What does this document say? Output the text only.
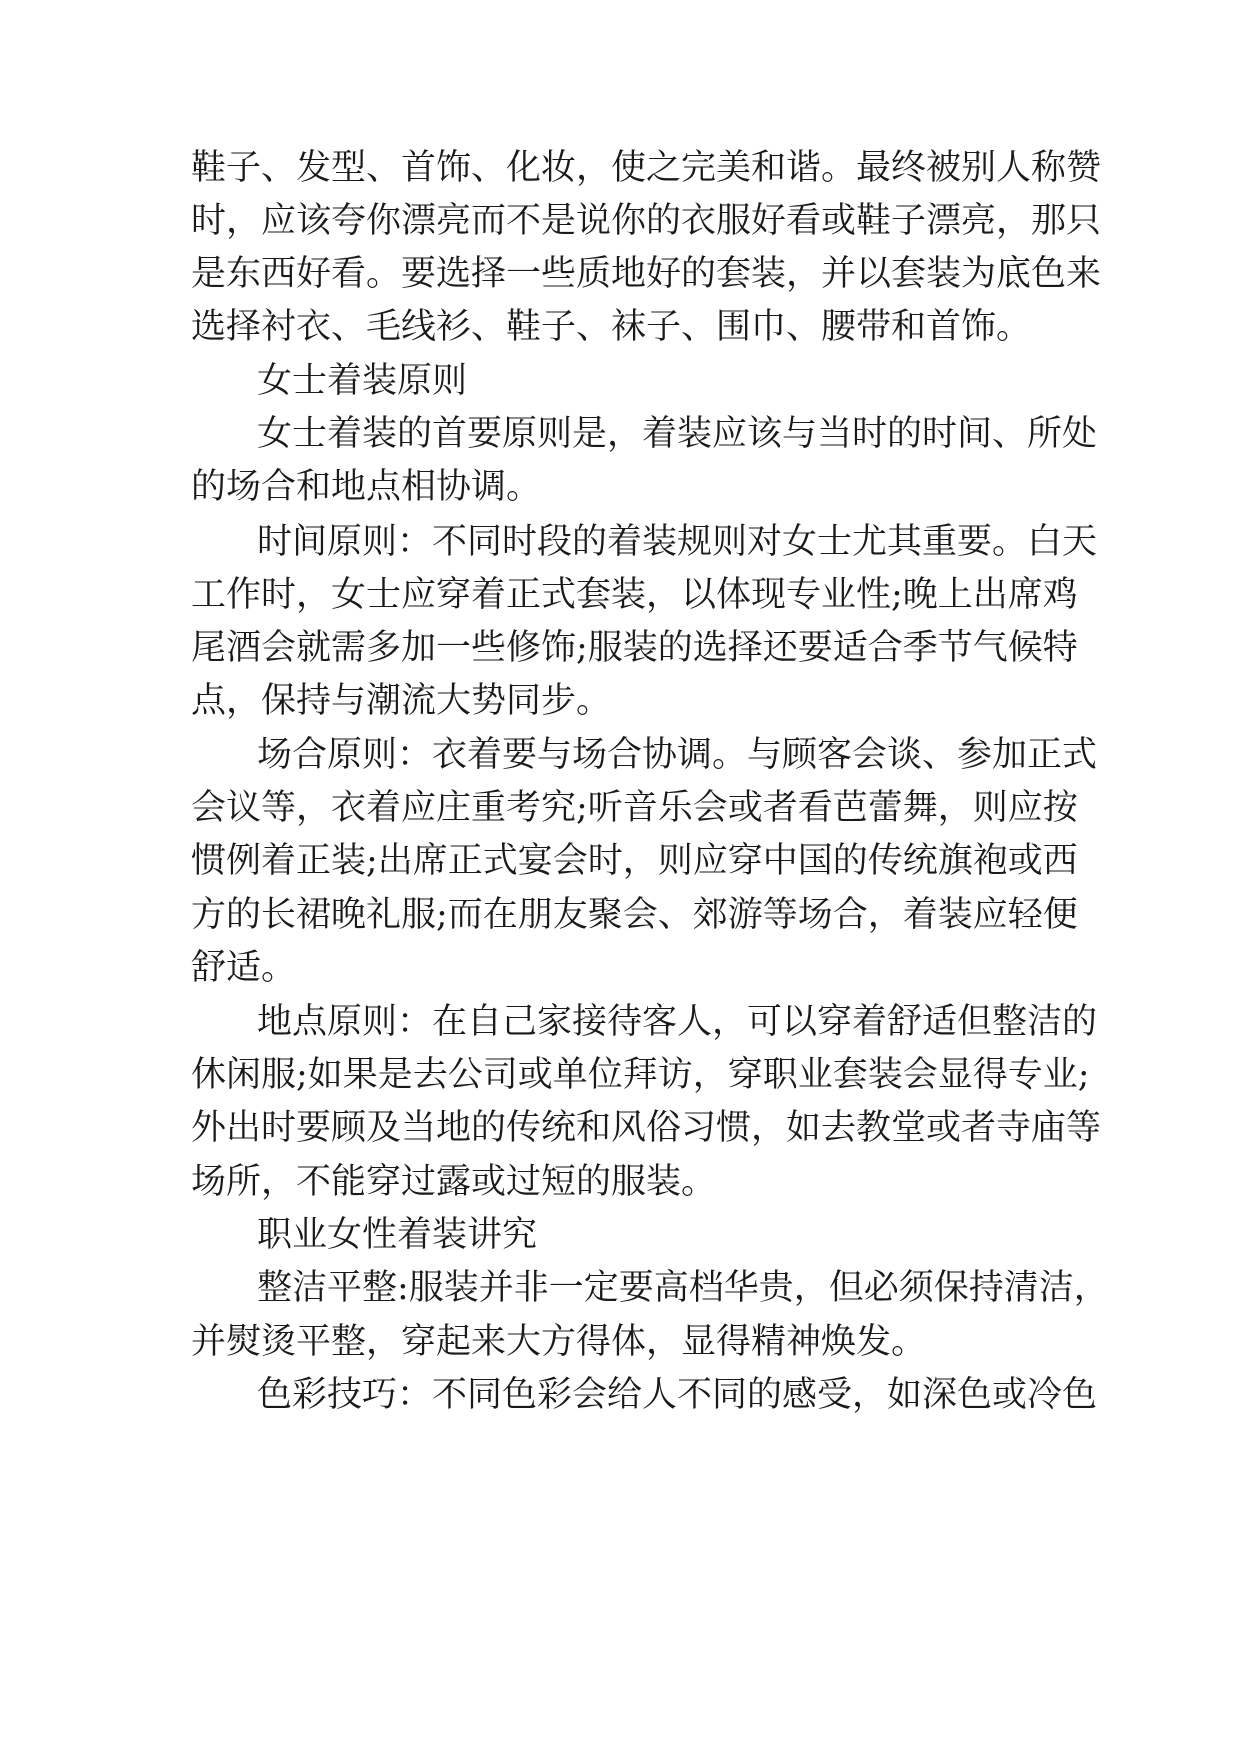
鞋子、发型、首饰、化妆，使之完美和谐。最终被别人称赞
时，应该夸你漂亮而不是说你的衣服好看或鞋子漂亮，那只
是东西好看。要选择一些质地好的套装，并以套装为底色来
选择衬衣、毛线衫、鞋子、袜子、围巾、腰带和首饰。
女士着装原则
女士着装的首要原则是，着装应该与当时的时间、所处
的场合和地点相协调。
时间原则：不同时段的着装规则对女士尤其重要。白天
工作时，女士应穿着正式套装，以体现专业性;晚上出席鸡
尾酒会就需多加一些修饰;服装的选择还要适合季节气候特
点，保持与潮流大势同步。
场合原则：衣着要与场合协调。与顾客会谈、参加正式
会议等，衣着应庄重考究;听音乐会或者看芭蕾舞，则应按
惯例着正装;出席正式宴会时，则应穿中国的传统旗袍或西
方的长裙晚礼服;而在朋友聚会、郊游等场合，着装应轻便
舒适。
地点原则：在自己家接待客人，可以穿着舒适但整洁的
休闲服;如果是去公司或单位拜访，穿职业套装会显得专业;
外出时要顾及当地的传统和风俗习惯，如去教堂或者寺庙等
场所，不能穿过露或过短的服装。
职业女性着装讲究
整洁平整:服装并非一定要高档华贵，但必须保持清洁，
并熨烫平整，穿起来大方得体，显得精神焕发。
色彩技巧：不同色彩会给人不同的感受，如深色或冷色
